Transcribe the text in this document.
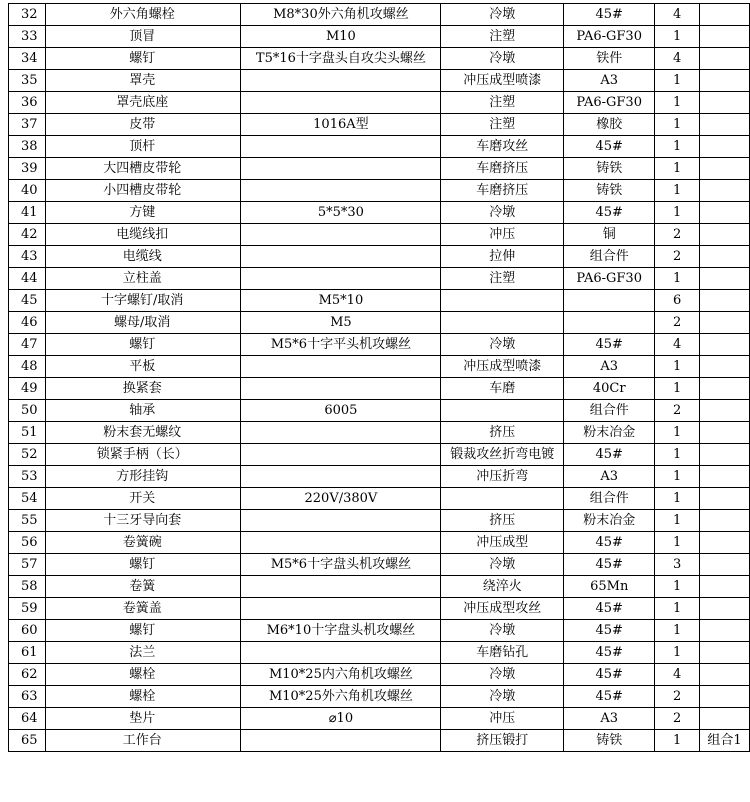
32	外六角螺栓	M8*30外六角机攻螺丝	冷墩	45#	4	
33	顶冒	M10	注塑	PA6-GF30	1	
34	螺钉	T5*16十字盘头自攻尖头螺丝	冷墩	铁件	4	
35	罩壳		冲压成型喷漆	A3	1	
36	罩壳底座		注塑	PA6-GF30	1	
37	皮带	1016A型	注塑	橡胶	1	
38	顶杆		车磨攻丝	45#	1	
39	大四槽皮带轮		车磨挤压	铸铁	1	
40	小四槽皮带轮		车磨挤压	铸铁	1	
41	方键	5*5*30	冷墩	45#	1	
42	电缆线扣		冲压	铜	2	
43	电缆线		拉伸	组合件	2	
44	立柱盖		注塑	PA6-GF30	1	
45	十字螺钉/取消	M5*10			6	
46	螺母/取消	M5			2	
47	螺钉	M5*6十字平头机攻螺丝	冷墩	45#	4	
48	平板		冲压成型喷漆	A3	1	
49	换紧套		车磨	40Cr	1	
50	轴承	6005		组合件	2	
51	粉末套无螺纹		挤压	粉末冶金	1	
52	锁紧手柄（长）		锻裁攻丝折弯电镀	45#	1	
53	方形挂钩		冲压折弯	A3	1	
54	开关	220V/380V		组合件	1	
55	十三牙导向套		挤压	粉末冶金	1	
56	卷簧碗		冲压成型	45#	1	
57	螺钉	M5*6十字盘头机攻螺丝	冷墩	45#	3	
58	卷簧		绕淬火	65Mn	1	
59	卷簧盖		冲压成型攻丝	45#	1	
60	螺钉	M6*10十字盘头机攻螺丝	冷墩	45#	1	
61	法兰		车磨钻孔	45#	1	
62	螺栓	M10*25内六角机攻螺丝	冷墩	45#	4	
63	螺栓	M10*25外六角机攻螺丝	冷墩	45#	2	
64	垫片	⌀10	冲压	A3	2	
65	工作台		挤压锻打	铸铁	1	组合1
